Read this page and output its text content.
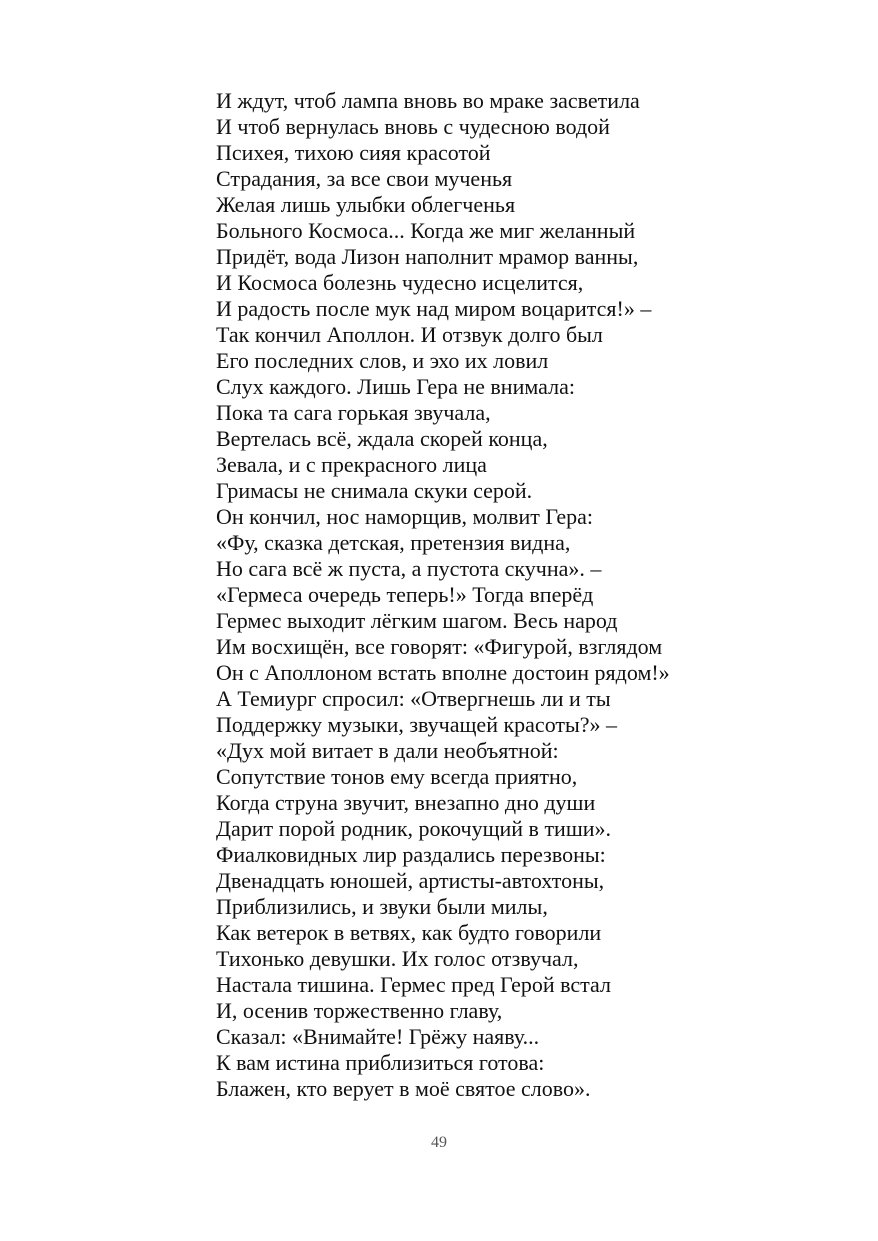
И ждут, чтоб лампа вновь во мраке засветила
И чтоб вернулась вновь с чудесною водой
Психея, тихою сияя красотой
Страдания, за все свои мученья
Желая лишь улыбки облегченья
Больного Космоса... Когда же миг желанный
Придёт, вода Лизон наполнит мрамор ванны,
И Космоса болезнь чудесно исцелится,
И радость после мук над миром воцарится!» –
Так кончил Аполлон. И отзвук долго был
Его последних слов, и эхо их ловил
Слух каждого. Лишь Гера не внимала:
Пока та сага горькая звучала,
Вертелась всё, ждала скорей конца,
Зевала, и с прекрасного лица
Гримасы не снимала скуки серой.
Он кончил, нос наморщив, молвит Гера:
«Фу, сказка детская, претензия видна,
Но сага всё ж пуста, а пустота скучна». –
«Гермеса очередь теперь!» Тогда вперёд
Гермес выходит лёгким шагом. Весь народ
Им восхищён, все говорят: «Фигурой, взглядом
Он с Аполлоном встать вполне достоин рядом!»
А Темиург спросил: «Отвергнешь ли и ты
Поддержку музыки, звучащей красоты?» –
«Дух мой витает в дали необъятной:
Сопутствие тонов ему всегда приятно,
Когда струна звучит, внезапно дно души
Дарит порой родник, рокочущий в тиши».
Фиалковидных лир раздались перезвоны:
Двенадцать юношей, артисты-автохтоны,
Приблизились, и звуки были милы,
Как ветерок в ветвях, как будто говорили
Тихонько девушки. Их голос отзвучал,
Настала тишина. Гермес пред Герой встал
И, осенив торжественно главу,
Сказал: «Внимайте! Грёжу наяву...
К вам истина приблизиться готова:
Блажен, кто верует в моё святое слово».
49
